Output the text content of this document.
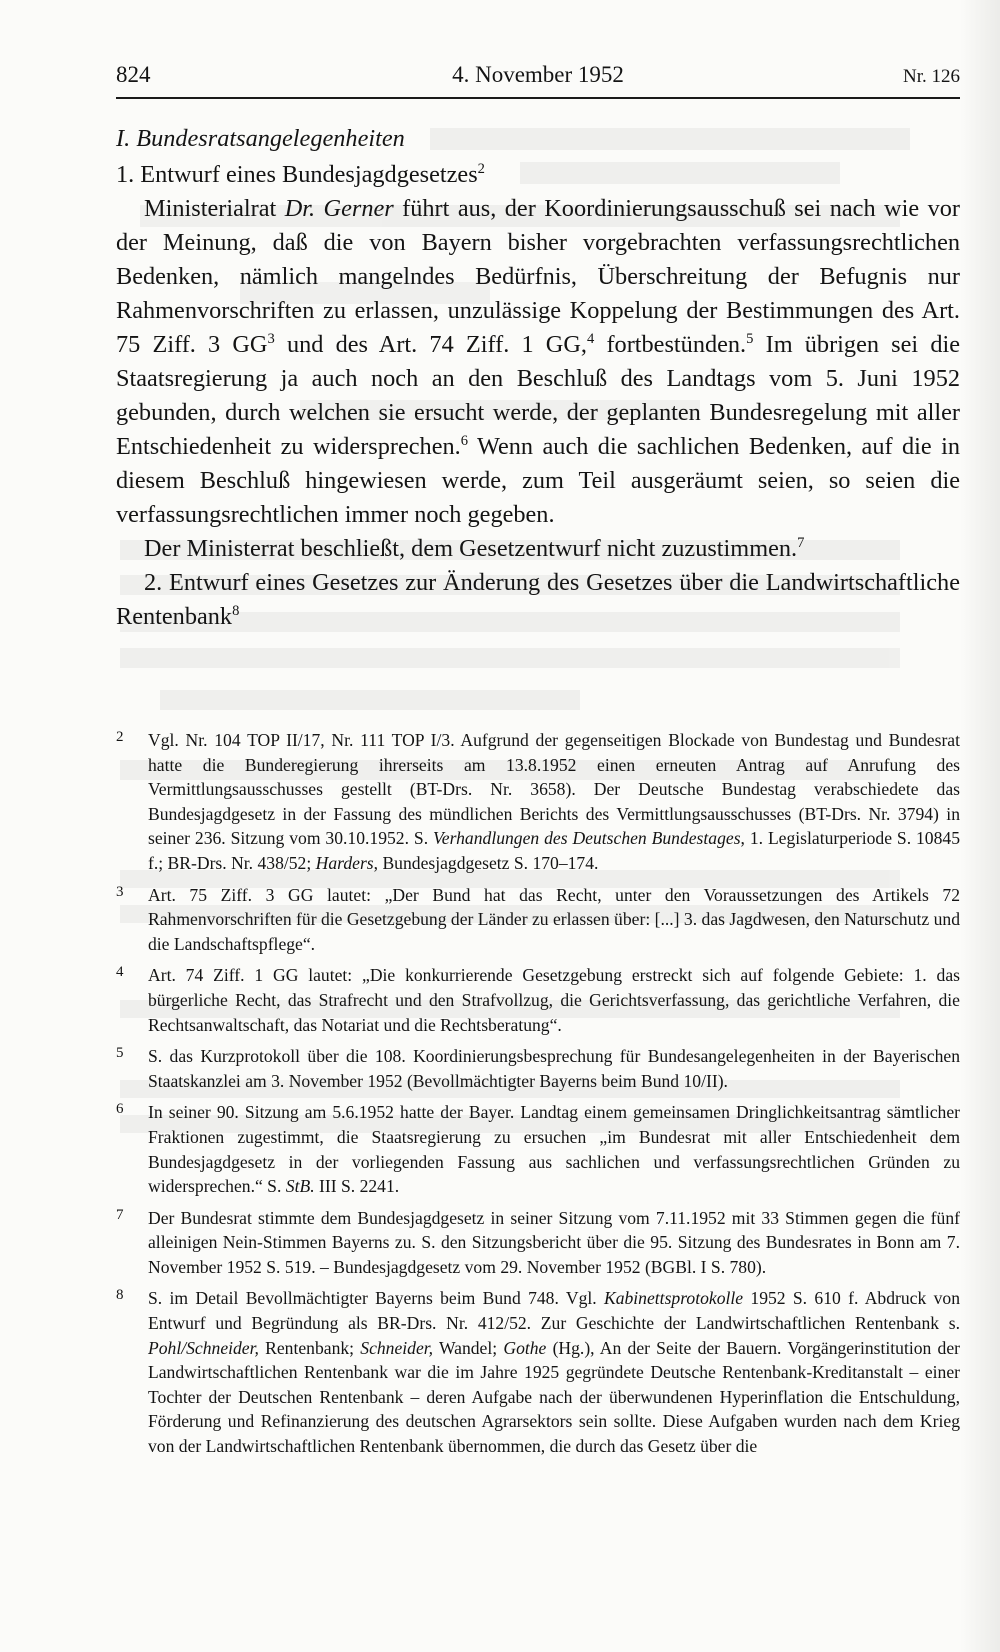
824	4. November 1952	Nr. 126

I. Bundesratsangelegenheiten

1. Entwurf eines Bundesjagdgesetzes$^2$

Ministerialrat Dr. Gerner führt aus, der Koordinierungsausschuß sei nach wie vor der Meinung, daß die von Bayern bisher vorgebrachten verfassungsrechtlichen Bedenken, nämlich mangelndes Bedürfnis, Überschreitung der Befugnis nur Rahmenvorschriften zu erlassen, unzulässige Koppelung der Bestimmungen des Art. 75 Ziff. 3 $GG^3$ und des Art. 74 Ziff. 1 GG,$^4$ fortbestünden.$^5$ Im übrigen sei die Staatsregierung ja auch noch an den Beschluß des Landtags vom 5. Juni 1952 gebunden, durch welchen sie ersucht werde, der geplanten Bundesregelung mit aller Entschiedenheit zu widersprechen.$^6$ Wenn auch die sachlichen Bedenken, auf die in diesem Beschluß hingewiesen werde, zum Teil ausgeräumt seien, so seien die verfassungsrechtlichen immer noch gegeben.

Der Ministerrat beschließt, dem Gesetzentwurf nicht zuzustimmen.$^7$

2. Entwurf eines Gesetzes zur Änderung des Gesetzes über die Landwirtschaftliche Rentenbank$^8$

2 Vgl. Nr. 104 TOP II/17, Nr. 111 TOP I/3. Aufgrund der gegenseitigen Blockade von Bundestag und Bundesrat hatte die Bunderegierung ihrerseits am 13.8.1952 einen erneuten Antrag auf Anrufung des Vermittlungsausschusses gestellt (BT-Drs. Nr. 3658). Der Deutsche Bundestag verabschiedete das Bundesjagdgesetz in der Fassung des mündlichen Berichts des Vermittlungsausschusses (BT-Drs. Nr. 3794) in seiner 236. Sitzung vom 30.10.1952. S. Verhandlungen des Deutschen Bundestages, 1. Legislaturperiode S. 10845 f.; BR-Drs. Nr. 438/52; Harders, Bundesjagdgesetz S. 170–174.

3 Art. 75 Ziff. 3 GG lautet: „Der Bund hat das Recht, unter den Voraussetzungen des Artikels 72 Rahmenvorschriften für die Gesetzgebung der Länder zu erlassen über: [...] 3. das Jagdwesen, den Naturschutz und die Landschaftspflege“.

4 Art. 74 Ziff. 1 GG lautet: „Die konkurrierende Gesetzgebung erstreckt sich auf folgende Gebiete: 1. das bürgerliche Recht, das Strafrecht und den Strafvollzug, die Gerichtsverfassung, das gerichtliche Verfahren, die Rechtsanwaltschaft, das Notariat und die Rechtsberatung“.

5 S. das Kurzprotokoll über die 108. Koordinierungsbesprechung für Bundesangelegenheiten in der Bayerischen Staatskanzlei am 3. November 1952 (Bevollmächtigter Bayerns beim Bund 10/II).

6 In seiner 90. Sitzung am 5.6.1952 hatte der Bayer. Landtag einem gemeinsamen Dringlichkeitsantrag sämtlicher Fraktionen zugestimmt, die Staatsregierung zu ersuchen „im Bundesrat mit aller Entschiedenheit dem Bundesjagdgesetz in der vorliegenden Fassung aus sachlichen und verfassungsrechtlichen Gründen zu widersprechen.“ S. StB. III S. 2241.

7 Der Bundesrat stimmte dem Bundesjagdgesetz in seiner Sitzung vom 7.11.1952 mit 33 Stimmen gegen die fünf alleinigen Nein-Stimmen Bayerns zu. S. den Sitzungsbericht über die 95. Sitzung des Bundesrates in Bonn am 7. November 1952 S. 519. – Bundesjagdgesetz vom 29. November 1952 (BGBl. I S. 780).

8 S. im Detail Bevollmächtigter Bayerns beim Bund 748. Vgl. Kabinettsprotokolle 1952 S. 610 f. Abdruck von Entwurf und Begründung als BR-Drs. Nr. 412/52. Zur Geschichte der Landwirtschaftlichen Rentenbank s. Pohl/Schneider, Rentenbank; Schneider, Wandel; Gothe (Hg.), An der Seite der Bauern. Vorgängerinstitution der Landwirtschaftlichen Rentenbank war die im Jahre 1925 gegründete Deutsche Rentenbank-Kreditanstalt – einer Tochter der Deutschen Rentenbank – deren Aufgabe nach der überwundenen Hyperinflation die Entschuldung, Förderung und Refinanzierung des deutschen Agrarsektors sein sollte. Diese Aufgaben wurden nach dem Krieg von der Landwirtschaftlichen Rentenbank übernommen, die durch das Gesetz über die
